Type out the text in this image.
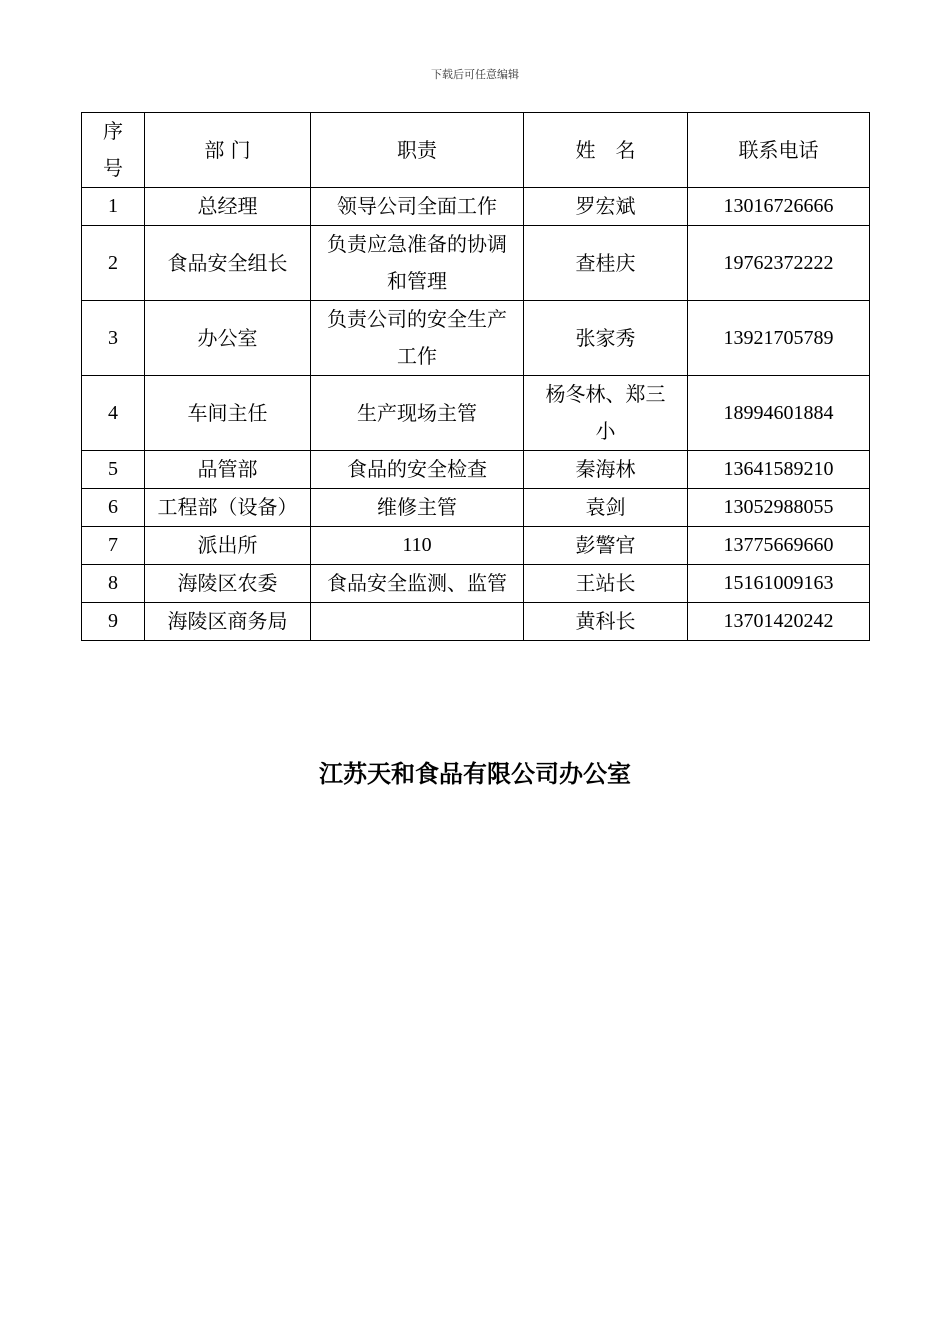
下载后可任意编辑
序号	部 门	职责	姓　名	联系电话
1	总经理	领导公司全面工作	罗宏斌	13016726666
2	食品安全组长	负责应急准备的协调和管理	查桂庆	19762372222
3	办公室	负责公司的安全生产工作	张家秀	13921705789
4	车间主任	生产现场主管	杨冬林、郑三小	18994601884
5	品管部	食品的安全检查	秦海林	13641589210
6	工程部（设备）	维修主管	袁剑	13052988055
7	派出所	110	彭警官	13775669660
8	海陵区农委	食品安全监测、监管	王站长	15161009163
9	海陵区商务局		黄科长	13701420242
江苏天和食品有限公司办公室
